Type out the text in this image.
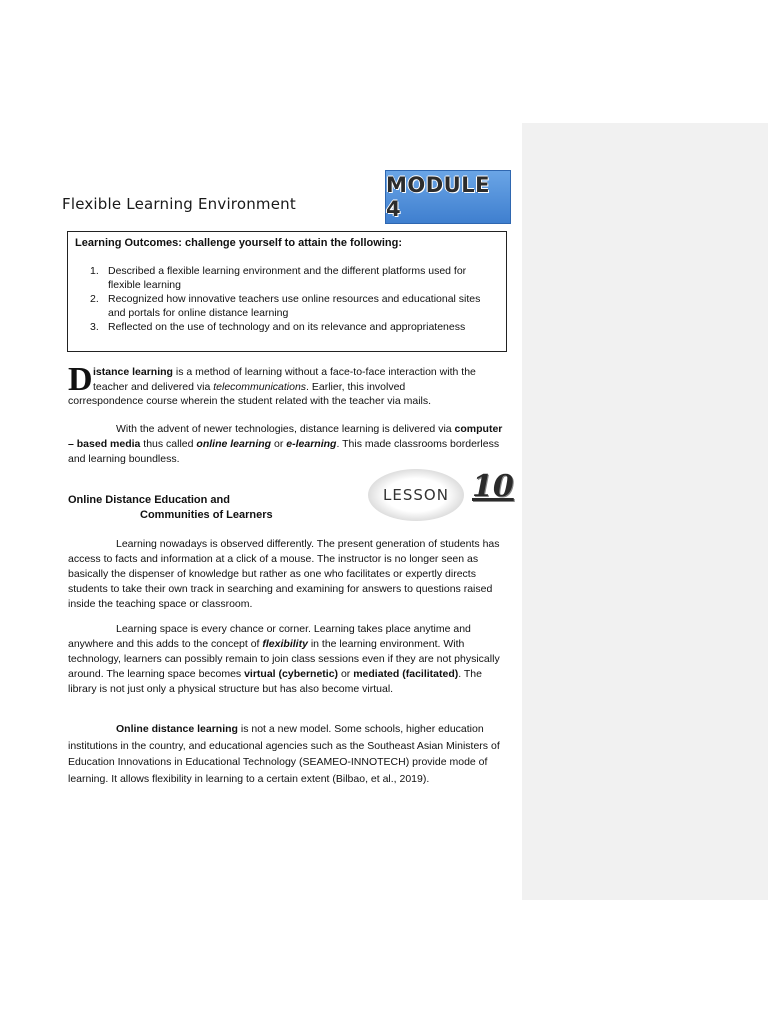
Flexible Learning Environment
MODULE 4
Learning Outcomes: challenge yourself to attain the following:
1. Described a flexible learning environment and the different platforms used for flexible learning
2. Recognized how innovative teachers use online resources and educational sites and portals for online distance learning
3. Reflected on the use of technology and on its relevance and appropriateness
D istance learning is a method of learning without a face-to-face interaction with the teacher and delivered via telecommunications. Earlier, this involved

correspondence course wherein the student related with the teacher via mails.

With the advent of newer technologies, distance learning is delivered via computer – based media thus called online learning or e-learning. This made classrooms borderless and learning boundless.

Online Distance Education and
Communities of Learners
LESSON 10

Learning nowadays is observed differently. The present generation of students has access to facts and information at a click of a mouse. The instructor is no longer seen as basically the dispenser of knowledge but rather as one who facilitates or expertly directs students to take their own track in searching and examining for answers to questions raised inside the teaching space or classroom.

Learning space is every chance or corner. Learning takes place anytime and anywhere and this adds to the concept of flexibility in the learning environment. With technology, learners can possibly remain to join class sessions even if they are not physically around. The learning space becomes virtual (cybernetic) or mediated (facilitated). The library is not just only a physical structure but has also become virtual.

Online distance learning is not a new model. Some schools, higher education institutions in the country, and educational agencies such as the Southeast Asian Ministers of Education Innovations in Educational Technology (SEAMEO-INNOTECH) provide mode of learning. It allows flexibility in learning to a certain extent (Bilbao, et al., 2019).
